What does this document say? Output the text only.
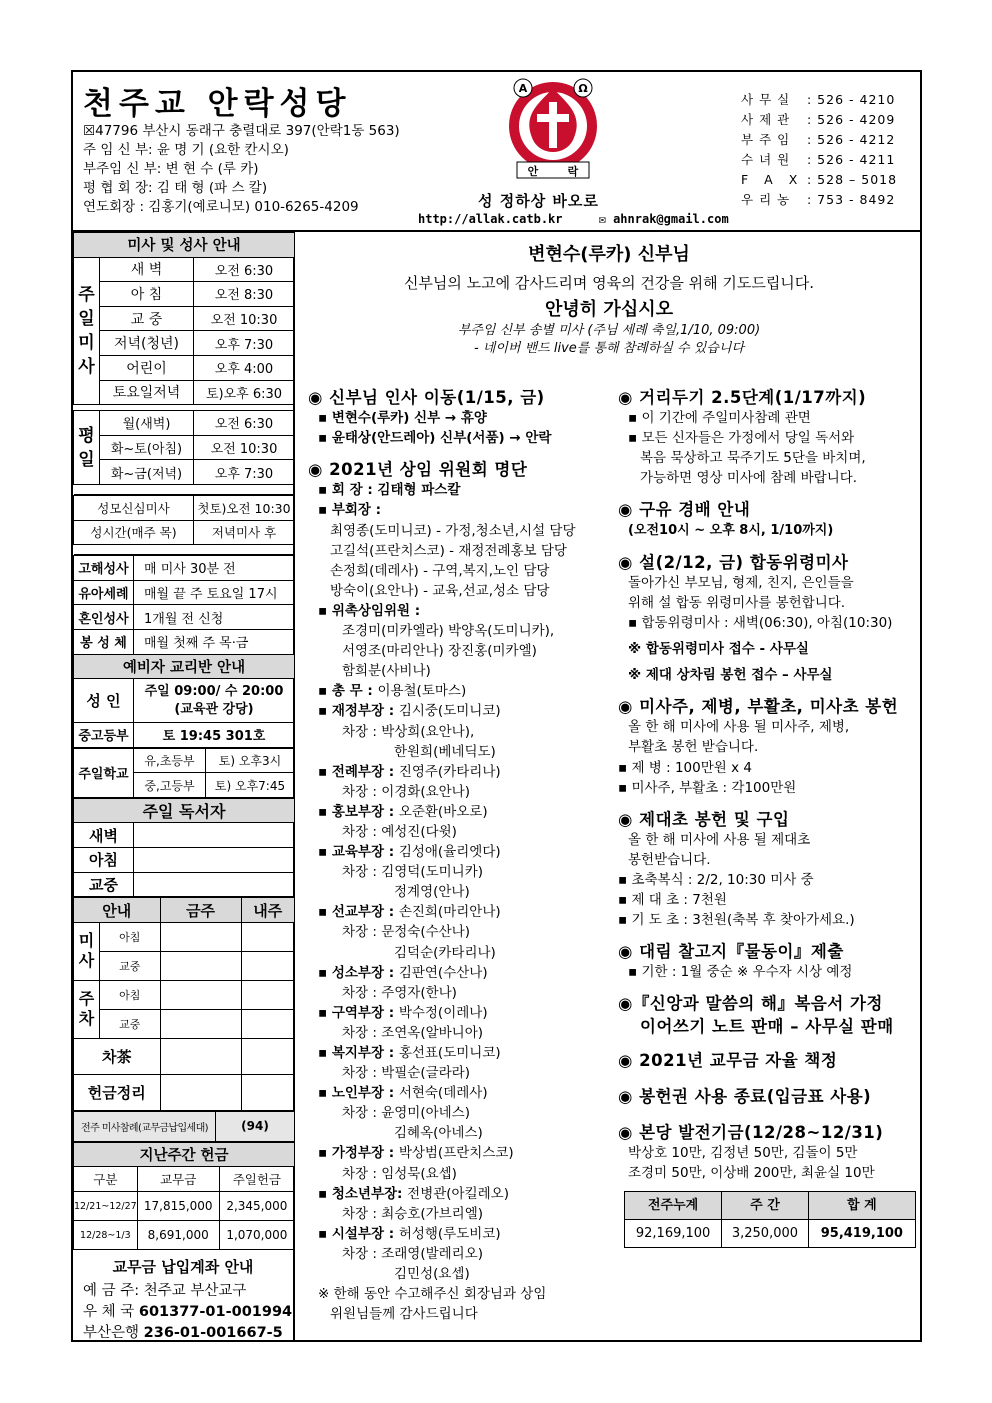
천주교 안락성당
☒47796 부산시 동래구 충렬대로 397(안락1동 563)
주 임 신 부: 윤 명 기 (요한 칸시오)
부주임 신 부: 변 현 수 (루 카)
평 협 회 장: 김 태 형 (파 스 칼)
연도회장 : 김홍기(예로니모) 010-6265-4209
A	Ω
안	락
성 정하상 바오로
http://allak.catb.kr	✉ ahnrak@gmail.com
사무실 : 526 - 4210
사제관 : 526 - 4209
부주임 : 526 - 4212
수녀원 : 526 - 4211
F A X : 528 – 5018
우리농 : 753 - 8492
미사 및 성사 안내		

주
일
미
사	새 벽	오전 6:30
	아 침	오전 8:30
	교 중	오전 10:30
	저녁(청년)	오후 7:30
	어린이	오후 4:00
	토요일저녁	토)오후 6:30

평
일	월(새벽)	오전 6:30
	화~토(아침)	오전 10:30
	화~금(저녁)	오후 7:30

성모신심미사	첫토)오전 10:30
성시간(매주 목)	저녁미사 후

고해성사	매 미사 30분 전
유아세례	매월 끝 주 토요일 17시
혼인성사	1개월 전 신청
봉 성 체	매월 첫째 주 목·금
예비자 교리반 안내	
성 인	주일 09:00/ 수 20:00
(교육관 강당)

중고등부	토 19:45 301호
주일학교	유,초등부	토) 오후3시
	중,고등부	토) 오후7:45
주일 독서자	
새벽	
아침	
교중	
안내		금주	내주

미
사	아침		
	교중		

주
차	아침		
	교중		
차茶			
헌금정리			
전주 미사참례(교무금납입세대)	(94)
지난주간 헌금		
구분	교무금	주일헌금
12/21~12/27	17,815,000	2,345,000
12/28~1/3	8,691,000	1,070,000
교무금 납입계좌 안내
예 금 주: 천주교 부산교구
우 체 국 601377-01-001994
부산은행 236-01-001667-5
변현수(루카) 신부님
신부님의 노고에 감사드리며 영육의 건강을 위해 기도드립니다.
안녕히 가십시오
부주임 신부 송별 미사 (주님 세례 축일,1/10, 09:00)
- 네이버 밴드 live를 통해 참례하실 수 있습니다
◉ 신부님 인사 이동(1/15, 금)
▪ 변현수(루카) 신부 → 휴양
▪ 윤태상(안드레아) 신부(서품) → 안락
◉ 2021년 상임 위원회 명단
▪ 회 장 : 김태형 파스칼
▪ 부회장 :
최영종(도미니코) - 가정,청소년,시설 담당
고길석(프란치스코) - 재정전례홍보 담당
손정희(데레사) - 구역,복지,노인 담당
방숙이(요안나) - 교육,선교,성소 담당
▪ 위촉상임위원 :
조경미(미카엘라) 박양옥(도미니카),
서영조(마리안나) 장진홍(미카엘)
함희분(사비나)
▪ 총 무 : 이용철(토마스)
▪ 재정부장 : 김시중(도미니코)
차장 : 박상희(요안나),
한원희(베네딕도)
▪ 전례부장 : 진영주(카타리나)
차장 : 이경화(요안나)
▪ 홍보부장 : 오준환(바오로)
차장 : 예성진(다윗)
▪ 교육부장 : 김성애(율리엣다)
차장 : 김영덕(도미니카)
정계영(안나)
▪ 선교부장 : 손진희(마리안나)
차장 : 문정숙(수산나)
김덕순(카타리나)
▪ 성소부장 : 김판연(수산나)
차장 : 주영자(한나)
▪ 구역부장 : 박수정(이레나)
차장 : 조연옥(알바니아)
▪ 복지부장 : 홍선표(도미니코)
차장 : 박필순(글라라)
▪ 노인부장 : 서현숙(데레사)
차장 : 윤영미(아네스)
김혜옥(아네스)
▪ 가정부장 : 박상범(프란치스코)
차장 : 임성묵(요셉)
▪ 청소년부장: 전병관(아킬레오)
차장 : 최승호(가브리엘)
▪ 시설부장 : 허성행(루도비코)
차장 : 조래영(발레리오)
김민성(요셉)
※ 한해 동안 수고해주신 회장님과 상임
위원님들께 감사드립니다
◉ 거리두기 2.5단계(1/17까지)
▪ 이 기간에 주일미사참례 관면
▪ 모든 신자들은 가정에서 당일 독서와
복음 묵상하고 묵주기도 5단을 바치며,
가능하면 영상 미사에 참례 바랍니다.
◉ 구유 경배 안내
(오전10시 ~ 오후 8시, 1/10까지)
◉ 설(2/12, 금) 합동위령미사
돌아가신 부모님, 형제, 친지, 은인들을
위해 설 합동 위령미사를 봉헌합니다.
▪ 합동위령미사 : 새벽(06:30), 아침(10:30)
※ 합동위령미사 접수 - 사무실
※ 제대 상차림 봉헌 접수 – 사무실
◉ 미사주, 제병, 부활초, 미사초 봉헌
올 한 해 미사에 사용 될 미사주, 제병,
부활초 봉헌 받습니다.
▪ 제 병 : 100만원 x 4
▪ 미사주, 부활초 : 각100만원
◉ 제대초 봉헌 및 구입
올 한 해 미사에 사용 될 제대초
봉헌받습니다.
▪ 초축복식 : 2/2, 10:30 미사 중
▪ 제 대 초 : 7천원
▪ 기 도 초 : 3천원(축복 후 찾아가세요.)
◉ 대림 찰고지『물동이』제출
▪ 기한 : 1월 중순 ※ 우수자 시상 예정
◉『신앙과 말씀의 해』복음서 가정
이어쓰기 노트 판매 – 사무실 판매
◉ 2021년 교무금 자율 책정
◉ 봉헌권 사용 종료(입금표 사용)
◉ 본당 발전기금(12/28~12/31)
박상호 10만, 김정년 50만, 김돌이 5만
조경미 50만, 이상배 200만, 최윤실 10만
전주누계	주 간	합 계
92,169,100	3,250,000	95,419,100
